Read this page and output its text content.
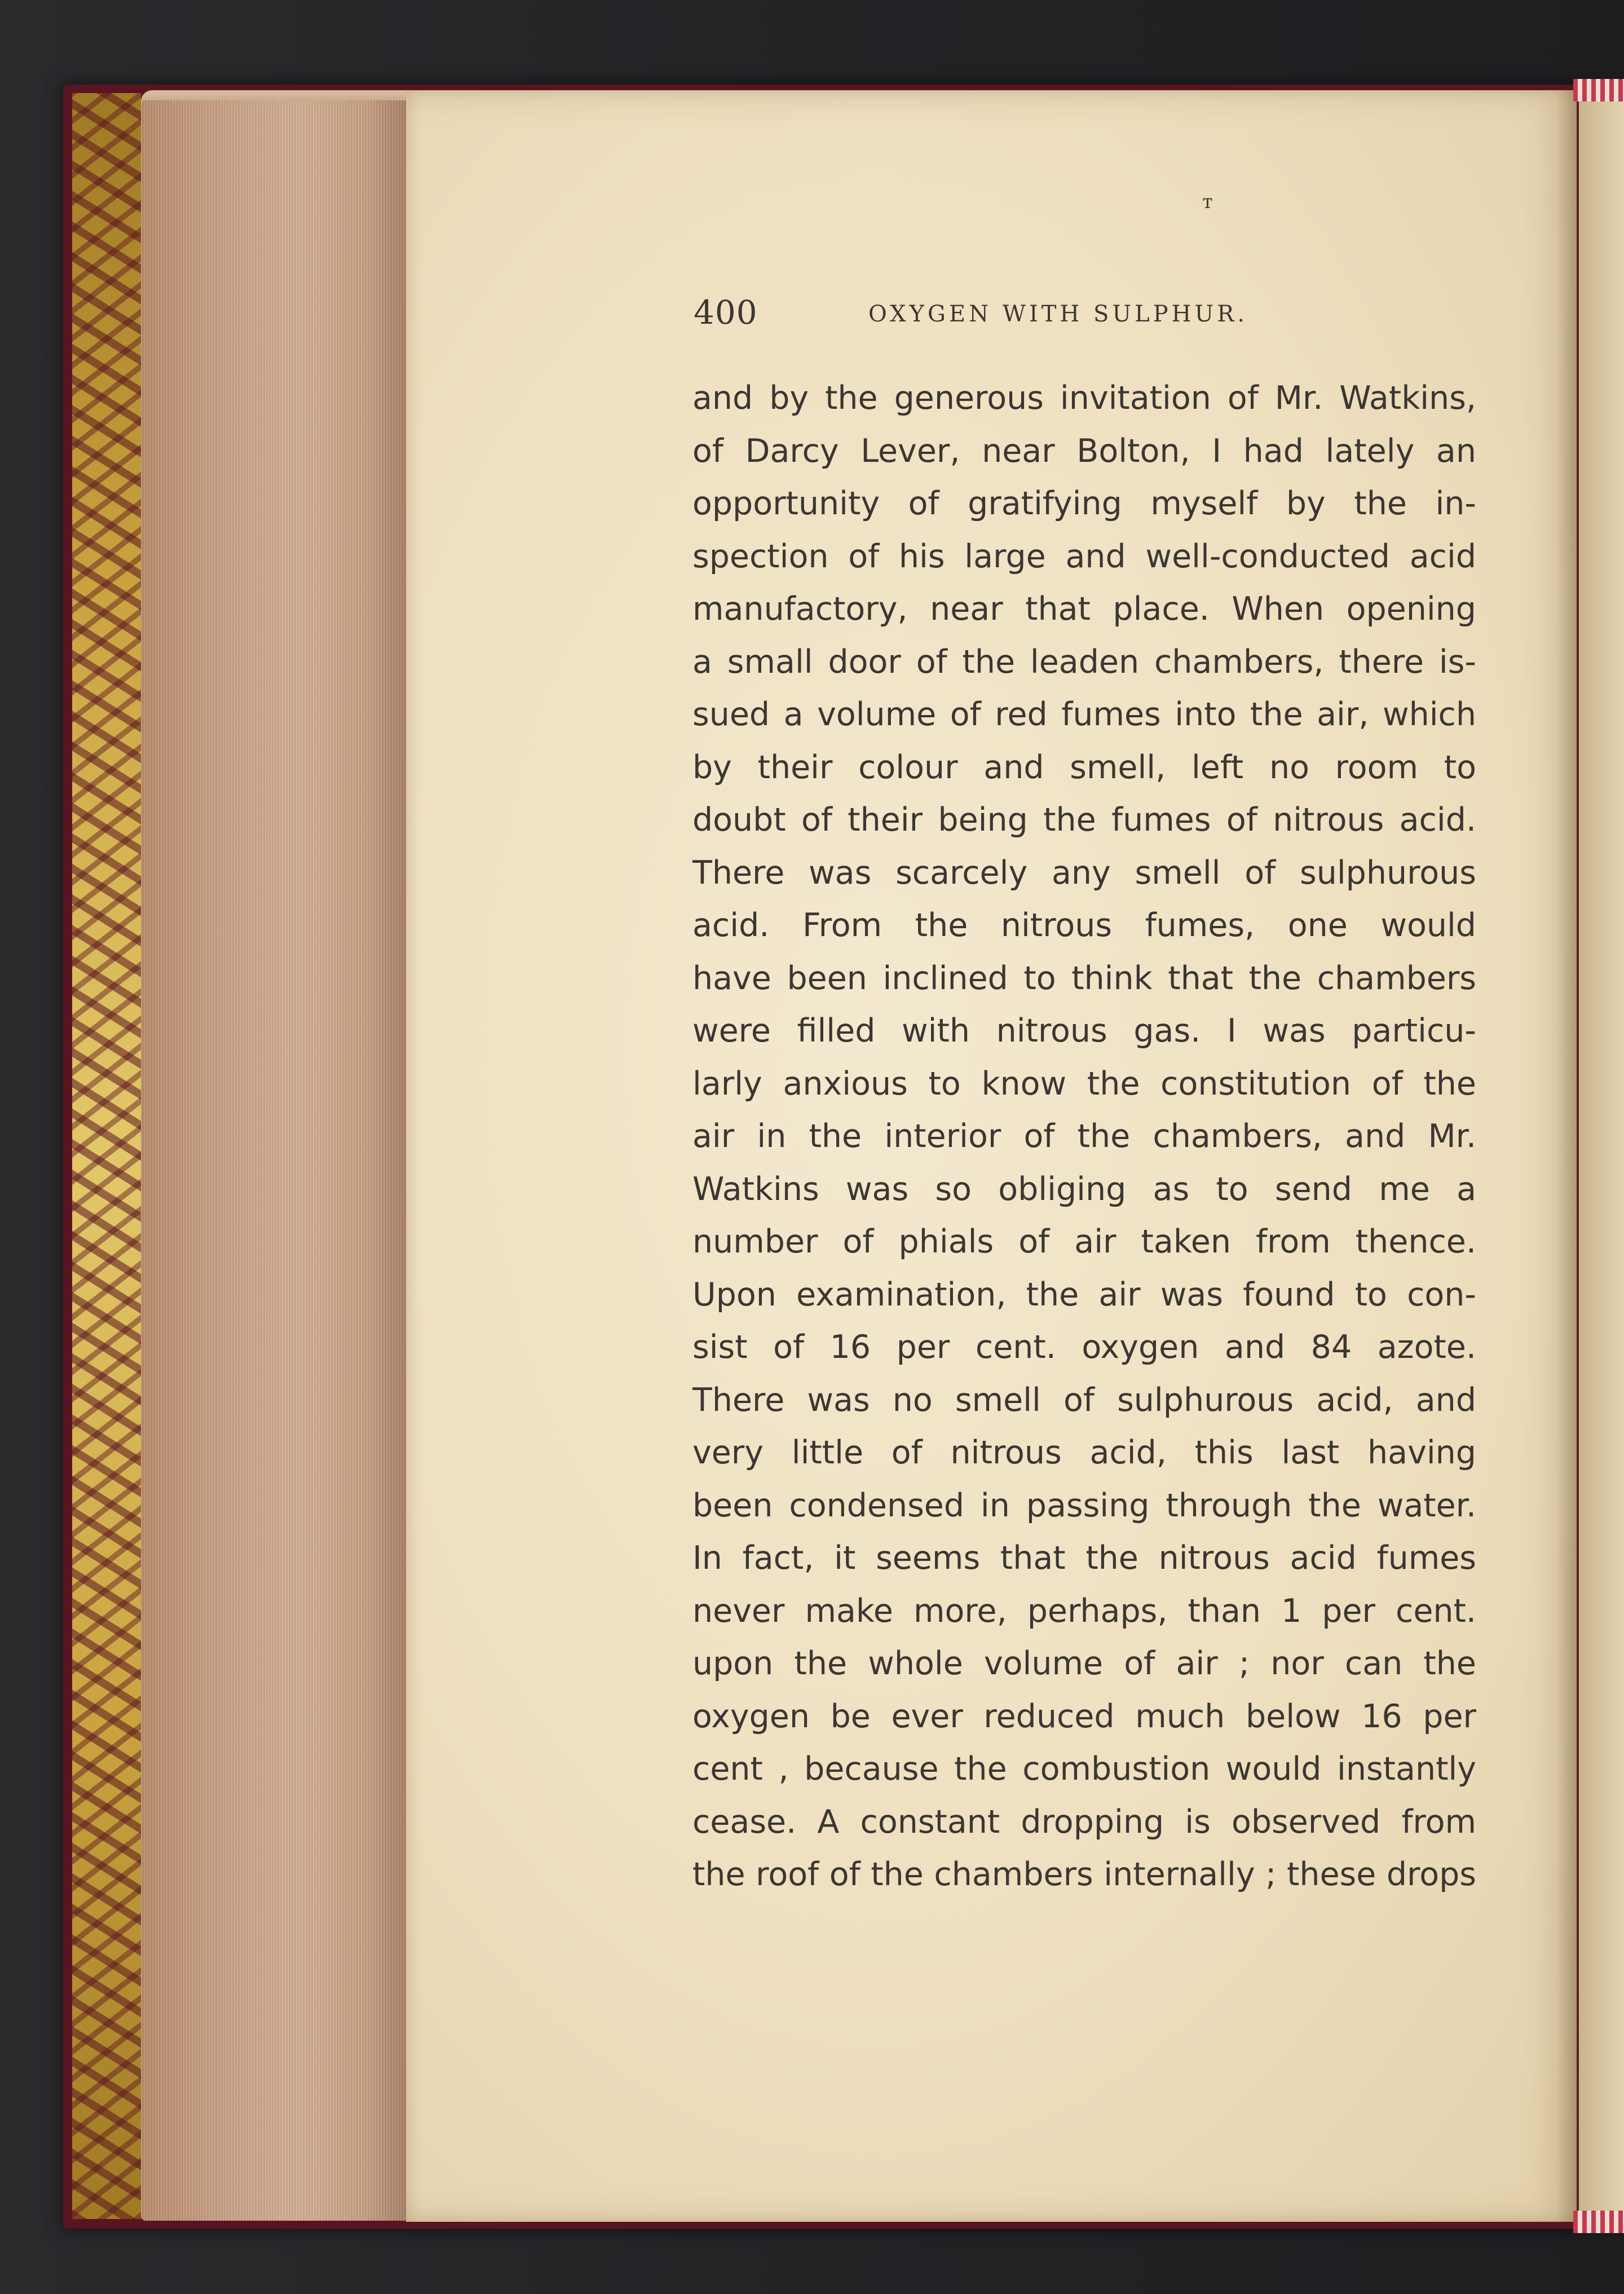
т
400	OXYGEN WITH SULPHUR.
and by the generous invitation of Mr. Watkins,
of Darcy Lever, near Bolton, I had lately an
opportunity of gratifying myself by the in-
spection of his large and well-conducted acid
manufactory, near that place. When opening
a small door of the leaden chambers, there is-
sued a volume of red fumes into the air, which
by their colour and smell, left no room to
doubt of their being the fumes of nitrous acid.
There was scarcely any smell of sulphurous
acid. From the nitrous fumes, one would
have been inclined to think that the chambers
were filled with nitrous gas. I was particu-
larly anxious to know the constitution of the
air in the interior of the chambers, and Mr.
Watkins was so obliging as to send me a
number of phials of air taken from thence.
Upon examination, the air was found to con-
sist of 16 per cent. oxygen and 84 azote.
There was no smell of sulphurous acid, and
very little of nitrous acid, this last having
been condensed in passing through the water.
In fact, it seems that the nitrous acid fumes
never make more, perhaps, than 1 per cent.
upon the whole volume of air ; nor can the
oxygen be ever reduced much below 16 per
cent , because the combustion would instantly
cease. A constant dropping is observed from
the roof of the chambers internally ; these drops
